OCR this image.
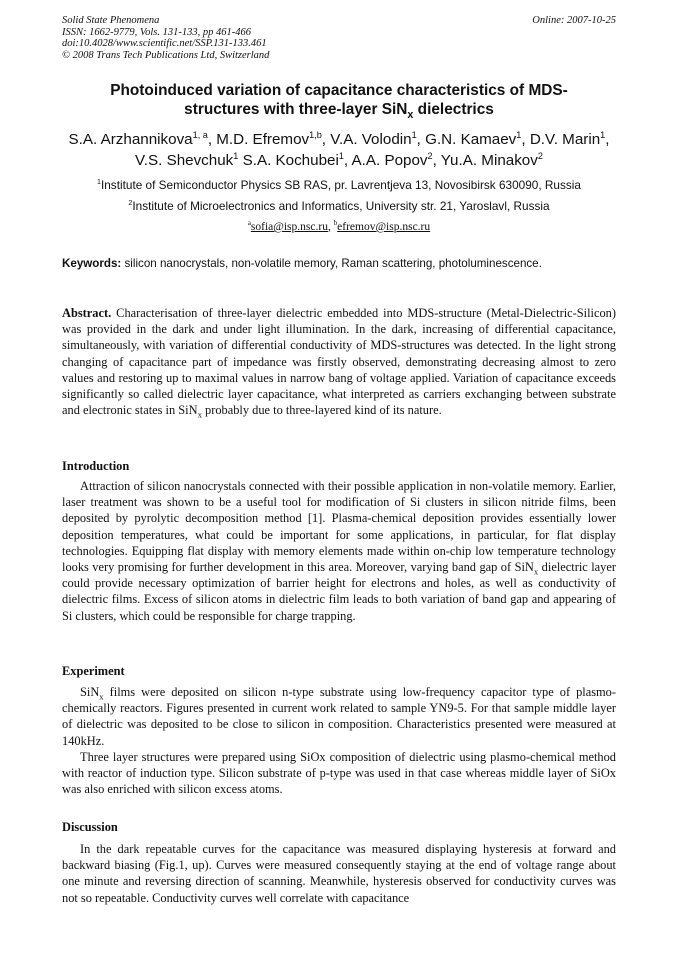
Solid State Phenomena
ISSN: 1662-9779, Vols. 131-133, pp 461-466
doi:10.4028/www.scientific.net/SSP.131-133.461
© 2008 Trans Tech Publications Ltd, Switzerland
Online: 2007-10-25
Photoinduced variation of capacitance characteristics of MDS-
structures with three-layer SiN$_x$ dielectrics
S.A. Arzhannikova$^{1, a}$, M.D. Efremov$^{1,b}$, V.A. Volodin$^1$, G.N. Kamaev$^1$, D.V. Marin$^1$, V.S. Shevchuk$^1$ S.A. Kochubei$^1$, A.A. Popov$^2$, Yu.A. Minakov$^2$
$^1$Institute of Semiconductor Physics SB RAS, pr. Lavrentjeva 13, Novosibirsk 630090, Russia
$^2$Institute of Microelectronics and Informatics, University str. 21, Yaroslavl, Russia
$^a$sofia@isp.nsc.ru, $^b$efremov@isp.nsc.ru
Keywords: silicon nanocrystals, non-volatile memory, Raman scattering, photoluminescence.
Abstract. Characterisation of three-layer dielectric embedded into MDS-structure (Metal-Dielectric-Silicon) was provided in the dark and under light illumination. In the dark, increasing of differential capacitance, simultaneously, with variation of differential conductivity of MDS-structures was detected. In the light strong changing of capacitance part of impedance was firstly observed, demonstrating decreasing almost to zero values and restoring up to maximal values in narrow bang of voltage applied. Variation of capacitance exceeds significantly so called dielectric layer capacitance, what interpreted as carriers exchanging between substrate and electronic states in SiN$_x$ probably due to three-layered kind of its nature.
Introduction

Attraction of silicon nanocrystals connected with their possible application in non-volatile memory. Earlier, laser treatment was shown to be a useful tool for modification of Si clusters in silicon nitride films, been deposited by pyrolytic decomposition method [1]. Plasma-chemical deposition provides essentially lower deposition temperatures, what could be important for some applications, in particular, for flat display technologies. Equipping flat display with memory elements made within on-chip low temperature technology looks very promising for further development in this area. Moreover, varying band gap of SiN$_x$ dielectric layer could provide necessary optimization of barrier height for electrons and holes, as well as conductivity of dielectric films. Excess of silicon atoms in dielectric film leads to both variation of band gap and appearing of Si clusters, which could be responsible for charge trapping.

Experiment

SiN$_x$ films were deposited on silicon n-type substrate using low-frequency capacitor type of plasmo-chemically reactors. Figures presented in current work related to sample YN9-5. For that sample middle layer of dielectric was deposited to be close to silicon in composition. Characteristics presented were measured at 140kHz.

Three layer structures were prepared using SiOx composition of dielectric using plasmo-chemical method with reactor of induction type. Silicon substrate of p-type was used in that case whereas middle layer of SiOx was also enriched with silicon excess atoms.

Discussion

In the dark repeatable curves for the capacitance was measured displaying hysteresis at forward and backward biasing (Fig.1, up). Curves were measured consequently staying at the end of voltage range about one minute and reversing direction of scanning. Meanwhile, hysteresis observed for conductivity curves was not so repeatable. Conductivity curves well correlate with capacitance
